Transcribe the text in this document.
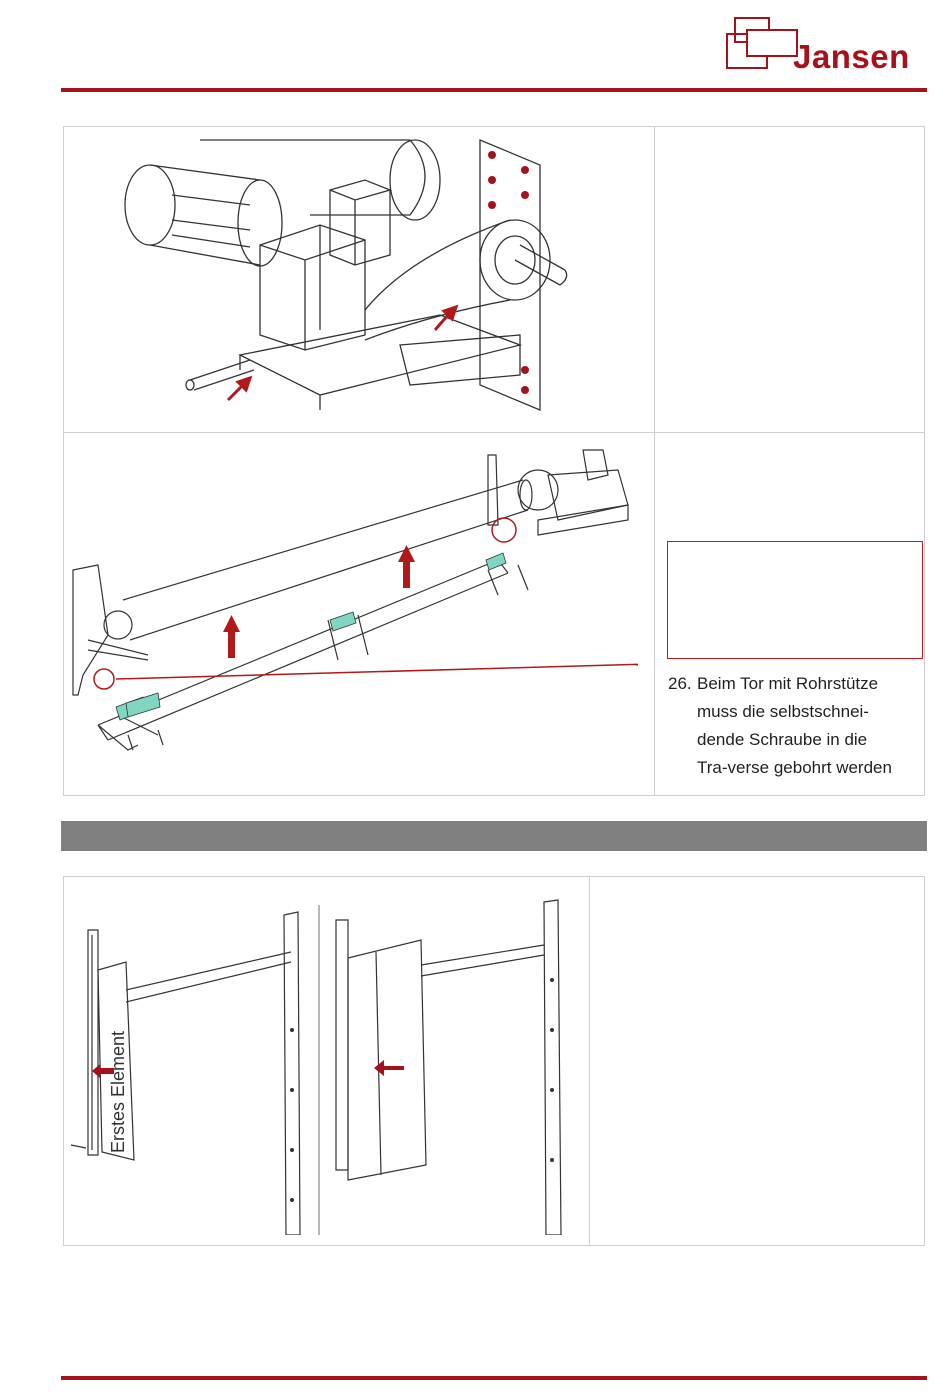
Jansen
26. Beim Tor mit Rohrstütze muss die selbstschnei-dende Schraube in die Tra-verse gebohrt werden
Erstes Element
